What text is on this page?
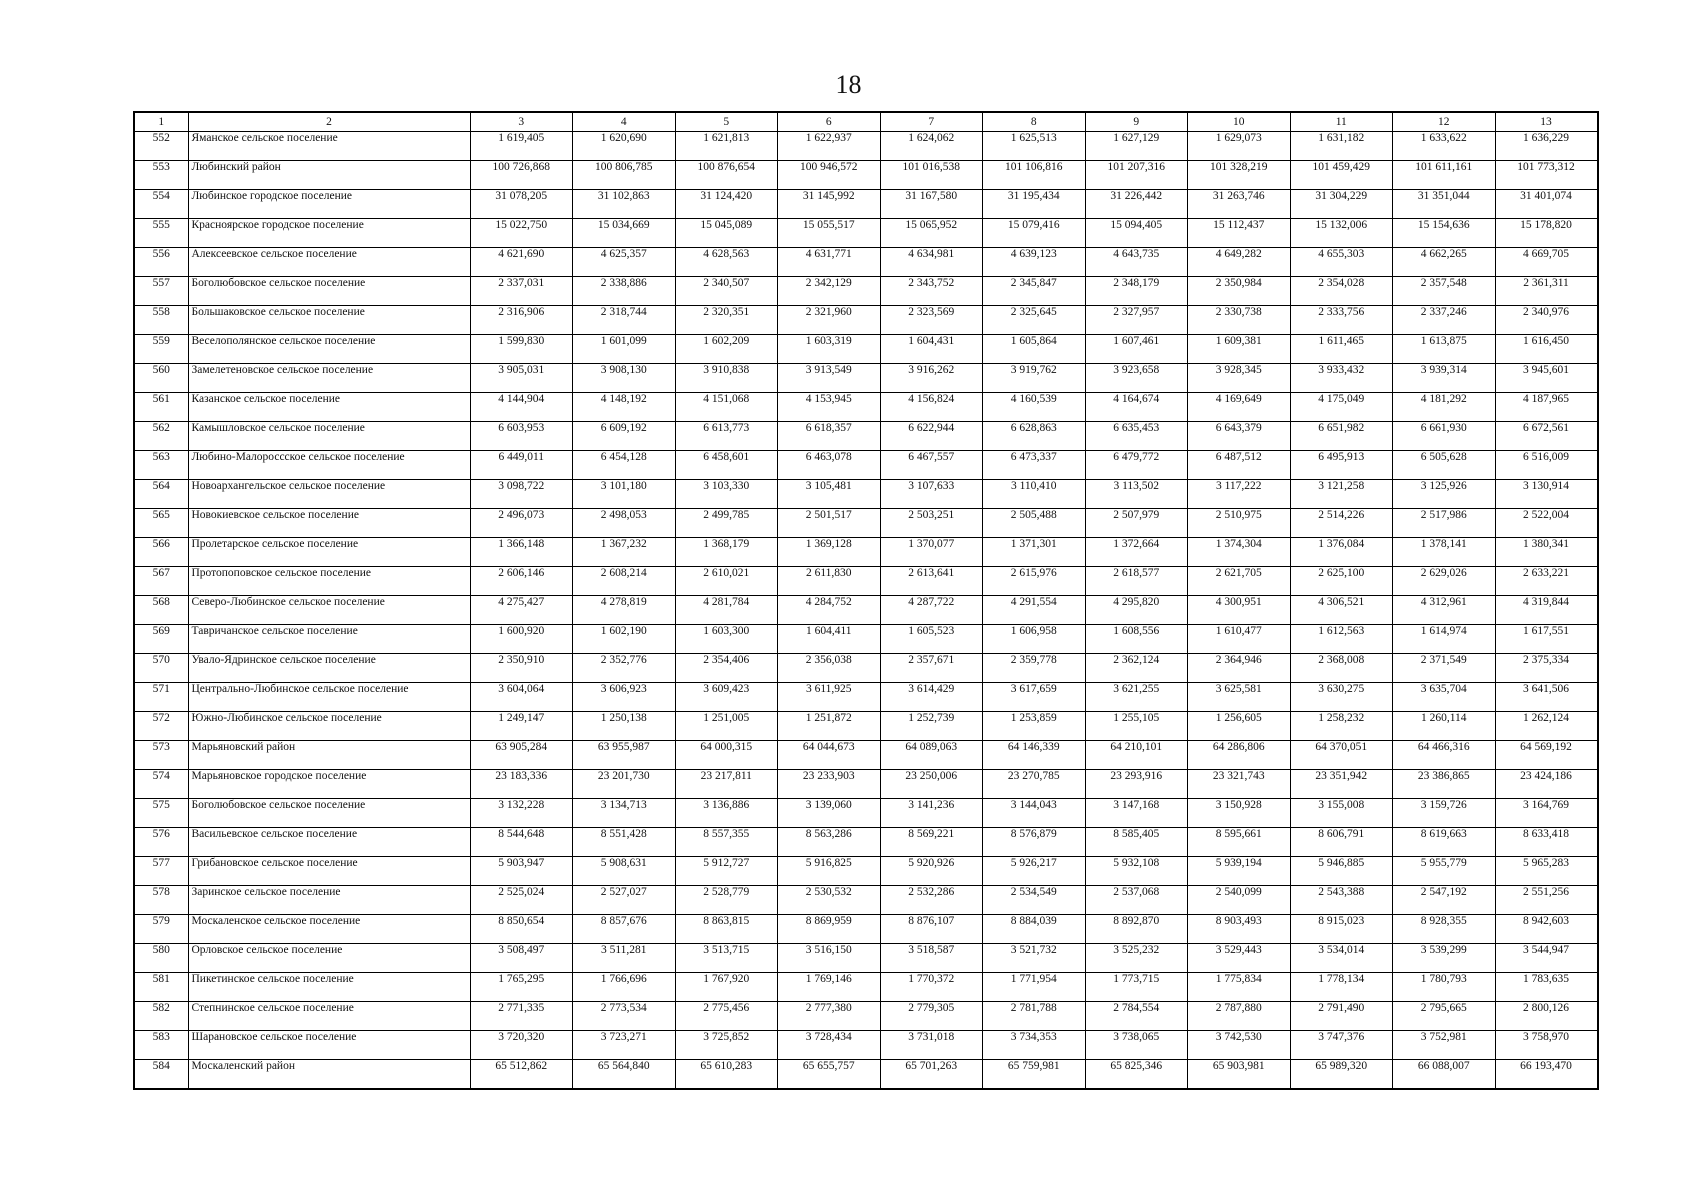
18
1	2	3	4	5	6	7	8	9	10	11	12	13
552	Яманское сельское поселение	1 619,405	1 620,690	1 621,813	1 622,937	1 624,062	1 625,513	1 627,129	1 629,073	1 631,182	1 633,622	1 636,229
553	Любинский район	100 726,868	100 806,785	100 876,654	100 946,572	101 016,538	101 106,816	101 207,316	101 328,219	101 459,429	101 611,161	101 773,312
554	Любинское городское поселение	31 078,205	31 102,863	31 124,420	31 145,992	31 167,580	31 195,434	31 226,442	31 263,746	31 304,229	31 351,044	31 401,074
555	Красноярское городское поселение	15 022,750	15 034,669	15 045,089	15 055,517	15 065,952	15 079,416	15 094,405	15 112,437	15 132,006	15 154,636	15 178,820
556	Алексеевское сельское поселение	4 621,690	4 625,357	4 628,563	4 631,771	4 634,981	4 639,123	4 643,735	4 649,282	4 655,303	4 662,265	4 669,705
557	Боголюбовское сельское поселение	2 337,031	2 338,886	2 340,507	2 342,129	2 343,752	2 345,847	2 348,179	2 350,984	2 354,028	2 357,548	2 361,311
558	Большаковское сельское поселение	2 316,906	2 318,744	2 320,351	2 321,960	2 323,569	2 325,645	2 327,957	2 330,738	2 333,756	2 337,246	2 340,976
559	Веселополянское сельское поселение	1 599,830	1 601,099	1 602,209	1 603,319	1 604,431	1 605,864	1 607,461	1 609,381	1 611,465	1 613,875	1 616,450
560	Замелетеновское сельское поселение	3 905,031	3 908,130	3 910,838	3 913,549	3 916,262	3 919,762	3 923,658	3 928,345	3 933,432	3 939,314	3 945,601
561	Казанское сельское поселение	4 144,904	4 148,192	4 151,068	4 153,945	4 156,824	4 160,539	4 164,674	4 169,649	4 175,049	4 181,292	4 187,965
562	Камышловское сельское поселение	6 603,953	6 609,192	6 613,773	6 618,357	6 622,944	6 628,863	6 635,453	6 643,379	6 651,982	6 661,930	6 672,561
563	Любино-Малороссское сельское поселение	6 449,011	6 454,128	6 458,601	6 463,078	6 467,557	6 473,337	6 479,772	6 487,512	6 495,913	6 505,628	6 516,009
564	Новоархангельское сельское поселение	3 098,722	3 101,180	3 103,330	3 105,481	3 107,633	3 110,410	3 113,502	3 117,222	3 121,258	3 125,926	3 130,914
565	Новокиевское сельское поселение	2 496,073	2 498,053	2 499,785	2 501,517	2 503,251	2 505,488	2 507,979	2 510,975	2 514,226	2 517,986	2 522,004
566	Пролетарское сельское поселение	1 366,148	1 367,232	1 368,179	1 369,128	1 370,077	1 371,301	1 372,664	1 374,304	1 376,084	1 378,141	1 380,341
567	Протопоповское сельское поселение	2 606,146	2 608,214	2 610,021	2 611,830	2 613,641	2 615,976	2 618,577	2 621,705	2 625,100	2 629,026	2 633,221
568	Северо-Любинское сельское поселение	4 275,427	4 278,819	4 281,784	4 284,752	4 287,722	4 291,554	4 295,820	4 300,951	4 306,521	4 312,961	4 319,844
569	Тавричанское сельское поселение	1 600,920	1 602,190	1 603,300	1 604,411	1 605,523	1 606,958	1 608,556	1 610,477	1 612,563	1 614,974	1 617,551
570	Увало-Ядринское сельское поселение	2 350,910	2 352,776	2 354,406	2 356,038	2 357,671	2 359,778	2 362,124	2 364,946	2 368,008	2 371,549	2 375,334
571	Центрально-Любинское сельское поселение	3 604,064	3 606,923	3 609,423	3 611,925	3 614,429	3 617,659	3 621,255	3 625,581	3 630,275	3 635,704	3 641,506
572	Южно-Любинское сельское поселение	1 249,147	1 250,138	1 251,005	1 251,872	1 252,739	1 253,859	1 255,105	1 256,605	1 258,232	1 260,114	1 262,124
573	Марьяновский район	63 905,284	63 955,987	64 000,315	64 044,673	64 089,063	64 146,339	64 210,101	64 286,806	64 370,051	64 466,316	64 569,192
574	Марьяновское городское поселение	23 183,336	23 201,730	23 217,811	23 233,903	23 250,006	23 270,785	23 293,916	23 321,743	23 351,942	23 386,865	23 424,186
575	Боголюбовское сельское поселение	3 132,228	3 134,713	3 136,886	3 139,060	3 141,236	3 144,043	3 147,168	3 150,928	3 155,008	3 159,726	3 164,769
576	Васильевское сельское поселение	8 544,648	8 551,428	8 557,355	8 563,286	8 569,221	8 576,879	8 585,405	8 595,661	8 606,791	8 619,663	8 633,418
577	Грибановское сельское поселение	5 903,947	5 908,631	5 912,727	5 916,825	5 920,926	5 926,217	5 932,108	5 939,194	5 946,885	5 955,779	5 965,283
578	Заринское сельское поселение	2 525,024	2 527,027	2 528,779	2 530,532	2 532,286	2 534,549	2 537,068	2 540,099	2 543,388	2 547,192	2 551,256
579	Москаленское сельское поселение	8 850,654	8 857,676	8 863,815	8 869,959	8 876,107	8 884,039	8 892,870	8 903,493	8 915,023	8 928,355	8 942,603
580	Орловское сельское поселение	3 508,497	3 511,281	3 513,715	3 516,150	3 518,587	3 521,732	3 525,232	3 529,443	3 534,014	3 539,299	3 544,947
581	Пикетинское сельское поселение	1 765,295	1 766,696	1 767,920	1 769,146	1 770,372	1 771,954	1 773,715	1 775,834	1 778,134	1 780,793	1 783,635
582	Степнинское сельское поселение	2 771,335	2 773,534	2 775,456	2 777,380	2 779,305	2 781,788	2 784,554	2 787,880	2 791,490	2 795,665	2 800,126
583	Шарановское сельское поселение	3 720,320	3 723,271	3 725,852	3 728,434	3 731,018	3 734,353	3 738,065	3 742,530	3 747,376	3 752,981	3 758,970
584	Москаленский район	65 512,862	65 564,840	65 610,283	65 655,757	65 701,263	65 759,981	65 825,346	65 903,981	65 989,320	66 088,007	66 193,470
